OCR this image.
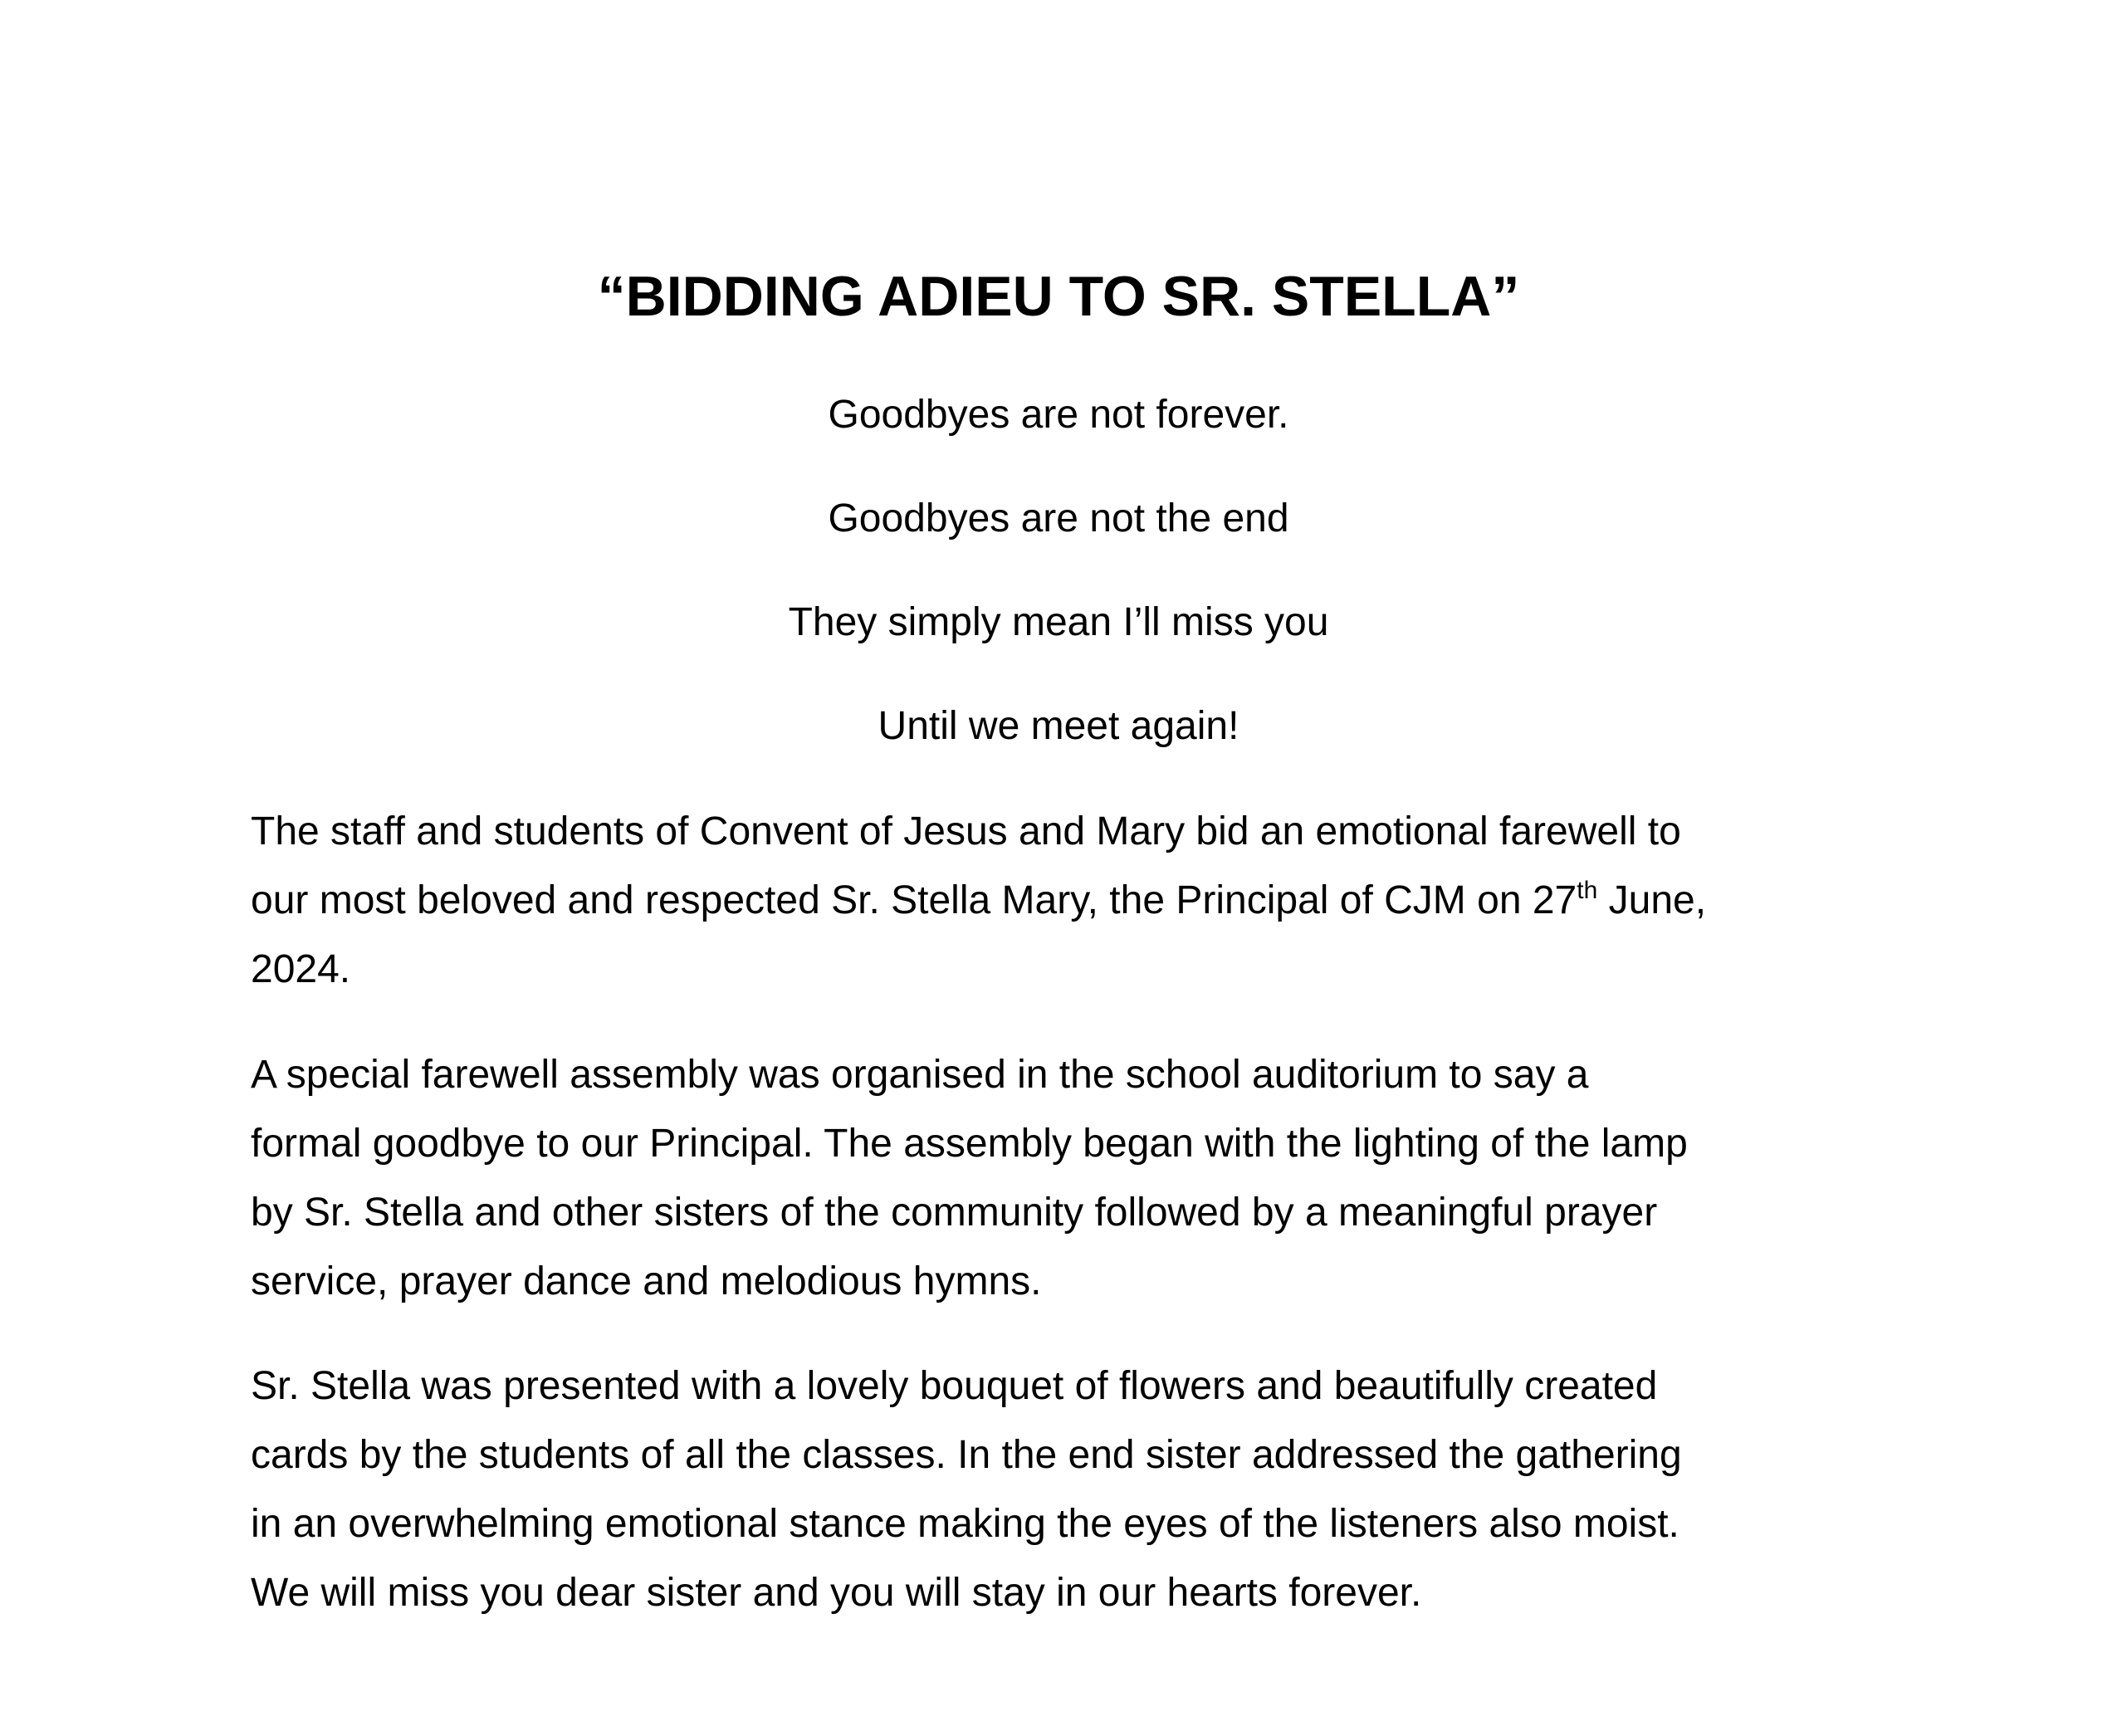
“BIDDING ADIEU TO SR. STELLA”

Goodbyes are not forever.

Goodbyes are not the end

They simply mean I’ll miss you

Until we meet again!

The staff and students of Convent of Jesus and Mary bid an emotional farewell to
our most beloved and respected Sr. Stella Mary, the Principal of CJM on 27th June,
2024.
A special farewell assembly was organised in the school auditorium to say a
formal goodbye to our Principal. The assembly began with the lighting of the lamp
by Sr. Stella and other sisters of the community followed by a meaningful prayer
service, prayer dance and melodious hymns.
Sr. Stella was presented with a lovely bouquet of flowers and beautifully created
cards by the students of all the classes. In the end sister addressed the gathering
in an overwhelming emotional stance making the eyes of the listeners also moist.
We will miss you dear sister and you will stay in our hearts forever.
